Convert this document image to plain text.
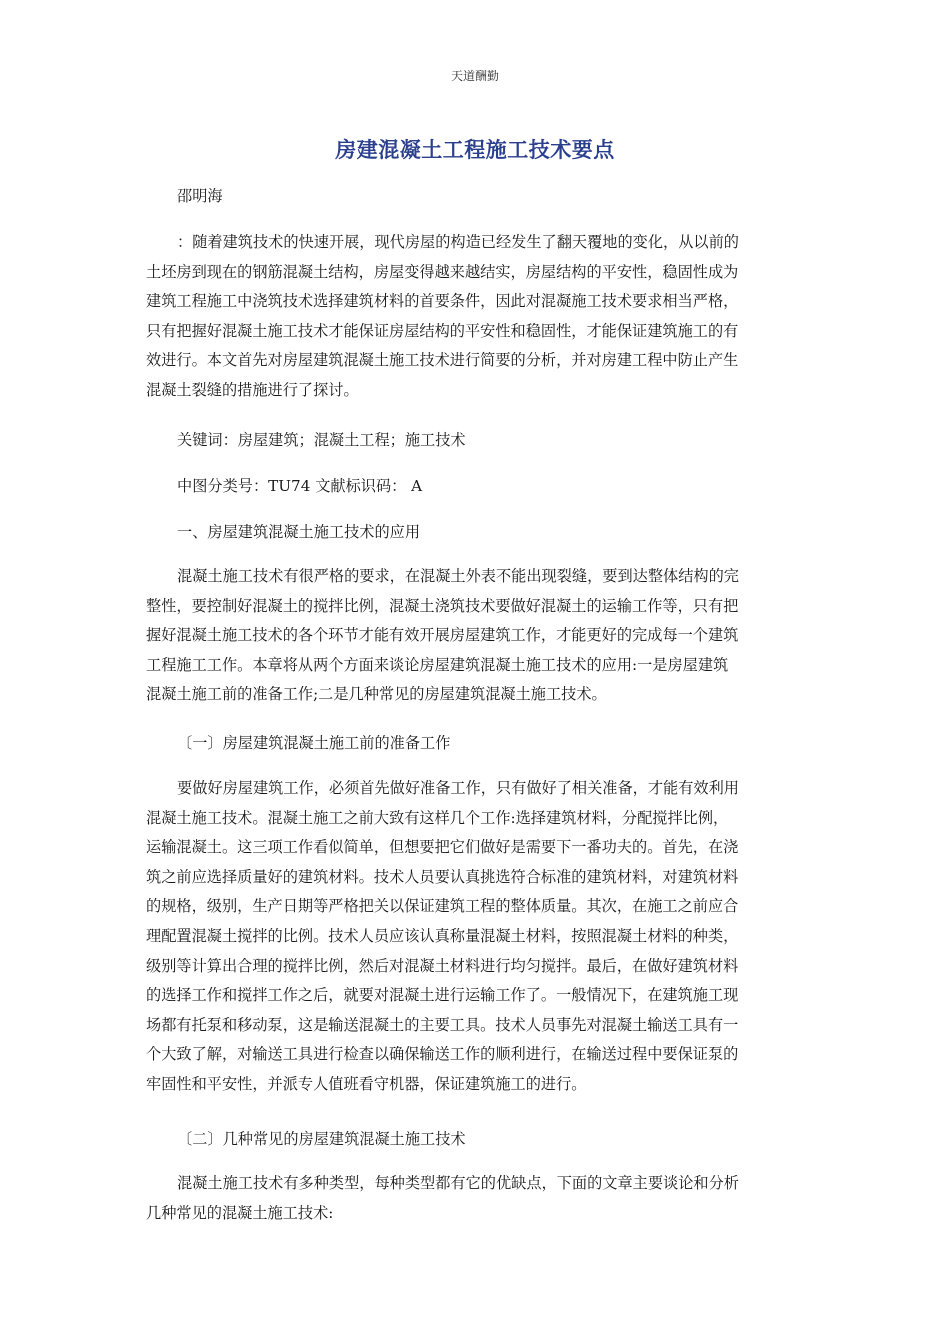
天道酬勤
房建混凝土工程施工技术要点
邵明海
：随着建筑技术的快速开展，现代房屋的构造已经发生了翻天覆地的变化，从以前的
土坯房到现在的钢筋混凝土结构，房屋变得越来越结实，房屋结构的平安性，稳固性成为
建筑工程施工中浇筑技术选择建筑材料的首要条件，因此对混凝施工技术要求相当严格，
只有把握好混凝土施工技术才能保证房屋结构的平安性和稳固性，才能保证建筑施工的有
效进行。本文首先对房屋建筑混凝土施工技术进行简要的分析，并对房建工程中防止产生
混凝土裂缝的措施进行了探讨。
关键词：房屋建筑；混凝土工程；施工技术
中图分类号：TU74 文献标识码： A
一、房屋建筑混凝土施工技术的应用
混凝土施工技术有很严格的要求，在混凝土外表不能出现裂缝，要到达整体结构的完
整性，要控制好混凝土的搅拌比例，混凝土浇筑技术要做好混凝土的运输工作等，只有把
握好混凝土施工技术的各个环节才能有效开展房屋建筑工作，才能更好的完成每一个建筑
工程施工工作。本章将从两个方面来谈论房屋建筑混凝土施工技术的应用:一是房屋建筑
混凝土施工前的准备工作;二是几种常见的房屋建筑混凝土施工技术。
〔一〕房屋建筑混凝土施工前的准备工作
要做好房屋建筑工作，必须首先做好准备工作，只有做好了相关准备，才能有效利用
混凝土施工技术。混凝土施工之前大致有这样几个工作:选择建筑材料，分配搅拌比例，
运输混凝土。这三项工作看似简单，但想要把它们做好是需要下一番功夫的。首先，在浇
筑之前应选择质量好的建筑材料。技术人员要认真挑选符合标准的建筑材料，对建筑材料
的规格，级别，生产日期等严格把关以保证建筑工程的整体质量。其次，在施工之前应合
理配置混凝土搅拌的比例。技术人员应该认真称量混凝土材料，按照混凝土材料的种类，
级别等计算出合理的搅拌比例，然后对混凝土材料进行均匀搅拌。最后，在做好建筑材料
的选择工作和搅拌工作之后，就要对混凝土进行运输工作了。一般情况下，在建筑施工现
场都有托泵和移动泵，这是输送混凝土的主要工具。技术人员事先对混凝土输送工具有一
个大致了解，对输送工具进行检查以确保输送工作的顺利进行，在输送过程中要保证泵的
牢固性和平安性，并派专人值班看守机器，保证建筑施工的进行。
〔二〕几种常见的房屋建筑混凝土施工技术
混凝土施工技术有多种类型，每种类型都有它的优缺点，下面的文章主要谈论和分析
几种常见的混凝土施工技术:
